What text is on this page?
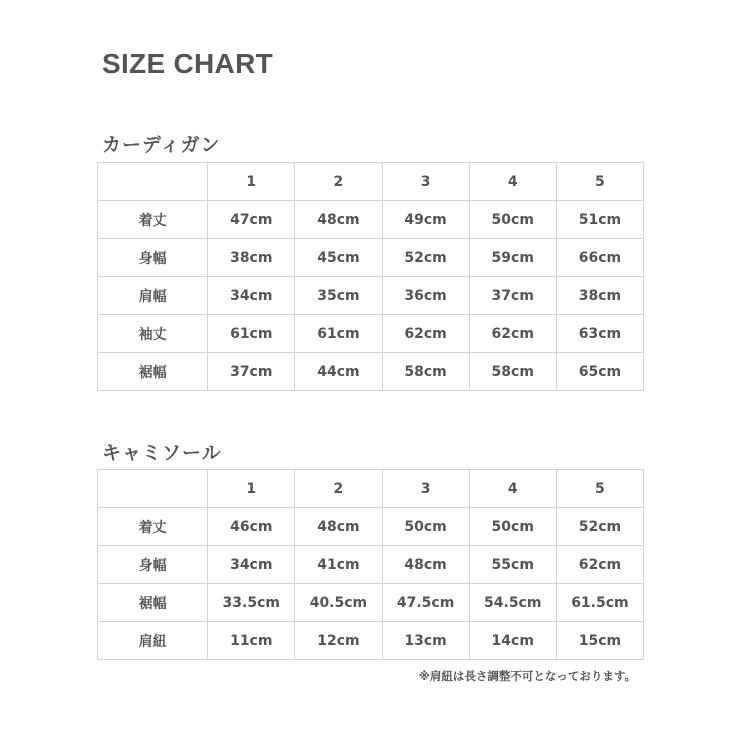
SIZE CHART
カーディガン
	1	2	3	4	5
着丈	47cm	48cm	49cm	50cm	51cm
身幅	38cm	45cm	52cm	59cm	66cm
肩幅	34cm	35cm	36cm	37cm	38cm
袖丈	61cm	61cm	62cm	62cm	63cm
裾幅	37cm	44cm	58cm	58cm	65cm
キャミソール
	1	2	3	4	5
着丈	46cm	48cm	50cm	50cm	52cm
身幅	34cm	41cm	48cm	55cm	62cm
裾幅	33.5cm	40.5cm	47.5cm	54.5cm	61.5cm
肩紐	11cm	12cm	13cm	14cm	15cm
※肩紐は長さ調整不可となっております。
